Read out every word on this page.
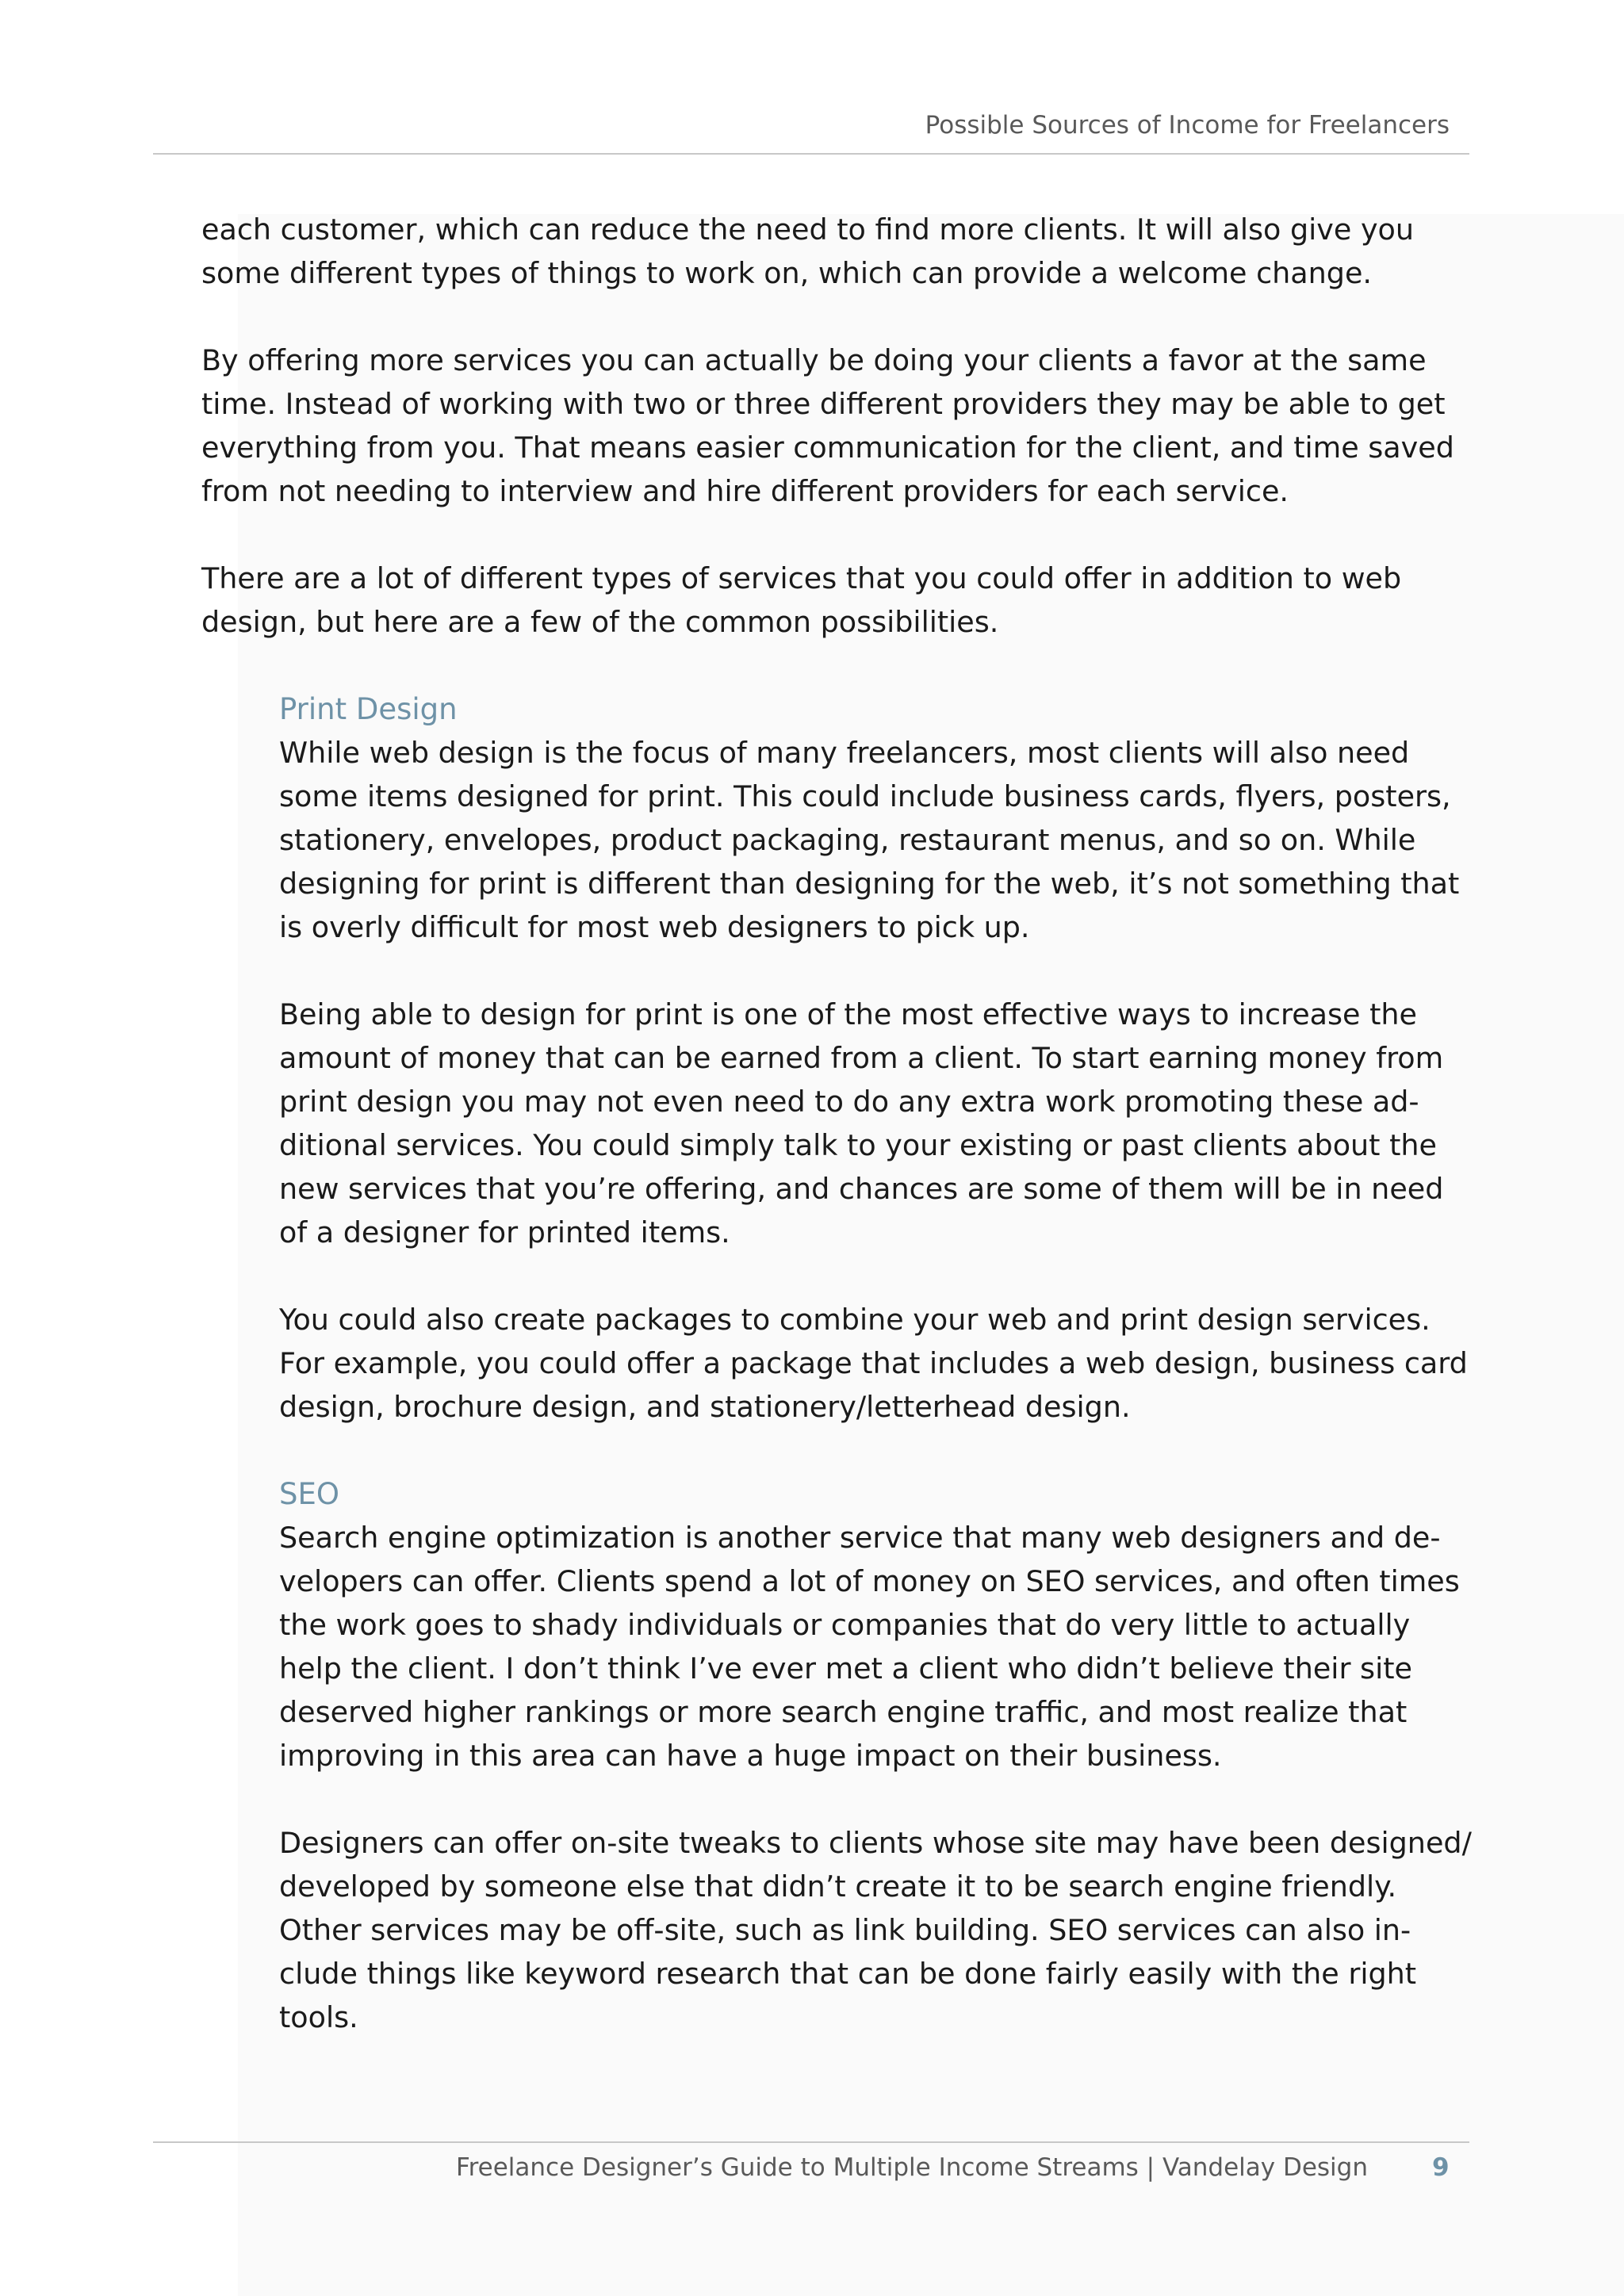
Possible Sources of Income for Freelancers

each customer, which can reduce the need to find more clients. It will also give you
some different types of things to work on, which can provide a welcome change.

By offering more services you can actually be doing your clients a favor at the same
time. Instead of working with two or three different providers they may be able to get
everything from you. That means easier communication for the client, and time saved
from not needing to interview and hire different providers for each service.

There are a lot of different types of services that you could offer in addition to web
design, but here are a few of the common possibilities.

Print Design

While web design is the focus of many freelancers, most clients will also need
some items designed for print. This could include business cards, flyers, posters,
stationery, envelopes, product packaging, restaurant menus, and so on. While
designing for print is different than designing for the web, it’s not something that
is overly difficult for most web designers to pick up.

Being able to design for print is one of the most effective ways to increase the
amount of money that can be earned from a client. To start earning money from
print design you may not even need to do any extra work promoting these ad-
ditional services. You could simply talk to your existing or past clients about the
new services that you’re offering, and chances are some of them will be in need
of a designer for printed items.

You could also create packages to combine your web and print design services.
For example, you could offer a package that includes a web design, business card
design, brochure design, and stationery/letterhead design.

SEO

Search engine optimization is another service that many web designers and de-
velopers can offer. Clients spend a lot of money on SEO services, and often times
the work goes to shady individuals or companies that do very little to actually
help the client. I don’t think I’ve ever met a client who didn’t believe their site
deserved higher rankings or more search engine traffic, and most realize that
improving in this area can have a huge impact on their business.

Designers can offer on-site tweaks to clients whose site may have been designed/
developed by someone else that didn’t create it to be search engine friendly.
Other services may be off-site, such as link building. SEO services can also in-
clude things like keyword research that can be done fairly easily with the right
tools.

Freelance Designer’s Guide to Multiple Income Streams | Vandelay Design	9
